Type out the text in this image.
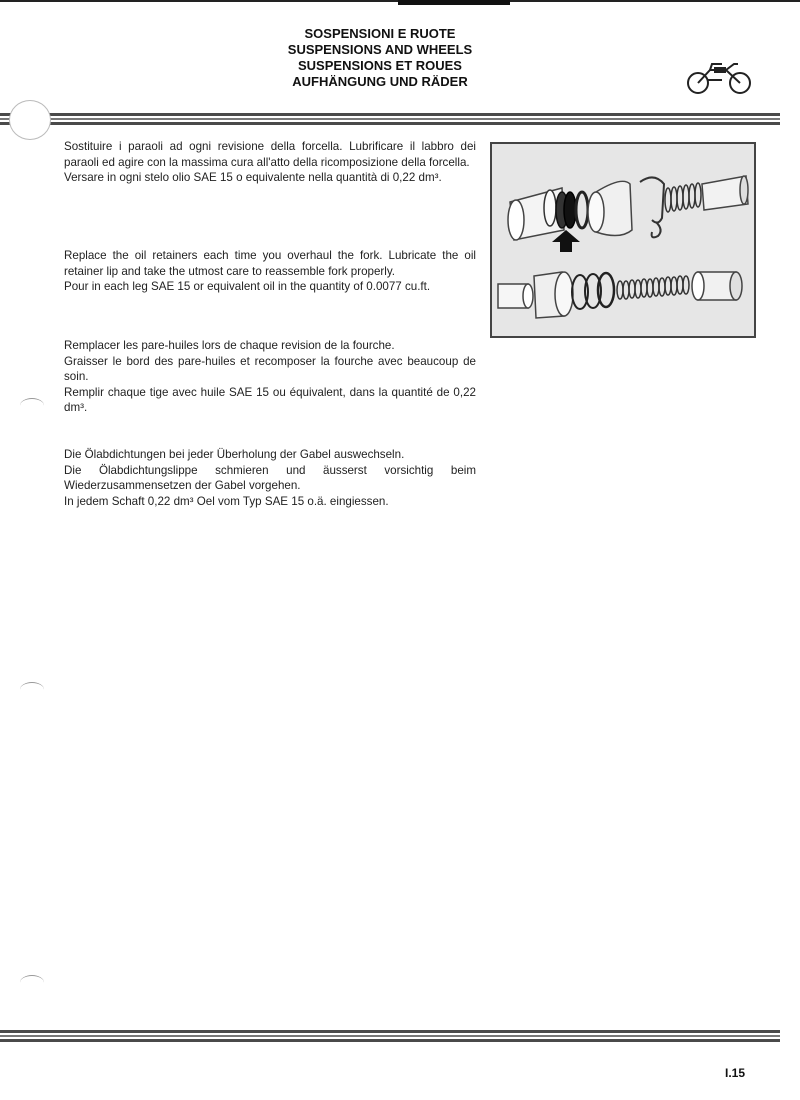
SOSPENSIONI E RUOTE
SUSPENSIONS AND WHEELS
SUSPENSIONS ET ROUES
AUFHÄNGUNG UND RÄDER

Sostituire i paraoli ad ogni revisione della forcella. Lubrificare il labbro dei paraoli ed agire con la massima cura all'atto della ricomposizione della forcella.

Versare in ogni stelo olio SAE 15 o equivalente nella quantità di 0,22 dm³.

Replace the oil retainers each time you overhaul the fork. Lubricate the oil retainer lip and take the utmost care to reassemble fork properly.

Pour in each leg SAE 15 or equivalent oil in the quantity of 0.0077 cu.ft.

Remplacer les pare-huiles lors de chaque revision de la fourche.

Graisser le bord des pare-huiles et recomposer la fourche avec beaucoup de soin.

Remplir chaque tige avec huile SAE 15 ou équivalent, dans la quantité de 0,22 dm³.

Die Ölabdichtungen bei jeder Überholung der Gabel auswechseln.

Die Ölabdichtungslippe schmieren und äusserst vorsichtig beim Wiederzusammensetzen der Gabel vorgehen.

In jedem Schaft 0,22 dm³ Oel vom Typ SAE 15 o.ä. eingiessen.

I.15
